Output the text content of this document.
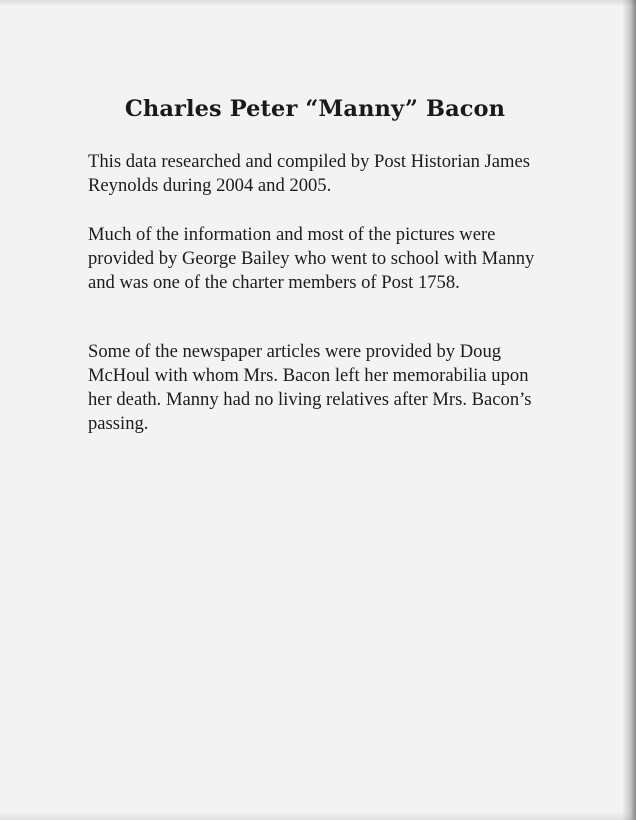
Charles Peter “Manny” Bacon

This data researched and compiled by Post Historian James Reynolds during 2004 and 2005.

Much of the information and most of the pictures were provided by George Bailey who went to school with Manny and was one of the charter members of Post 1758.

Some of the newspaper articles were provided by Doug McHoul with whom Mrs. Bacon left her memorabilia upon her death. Manny had no living relatives after Mrs. Bacon’s passing.
